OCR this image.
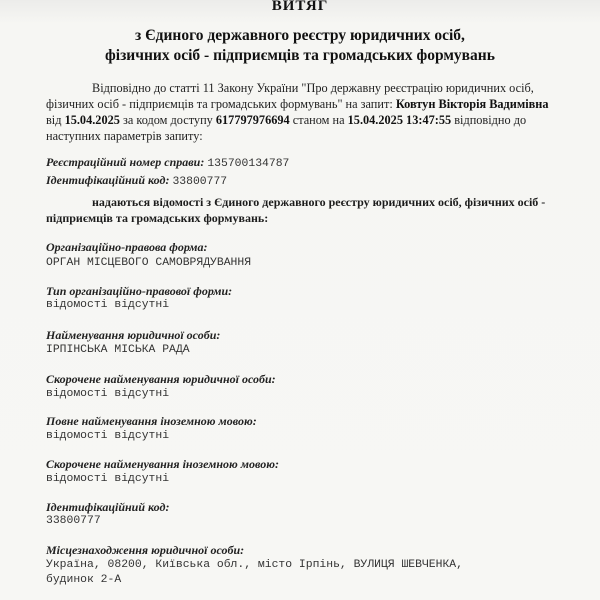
ВИТЯГ
з Єдиного державного реєстру юридичних осіб,
фізичних осіб - підприємців та громадських формувань

Відповідно до статті 11 Закону України "Про державну реєстрацію юридичних осіб,

фізичних осіб - підприємців та громадських формувань" на запит: Ковтун Вікторія Вадимівна

від 15.04.2025 за кодом доступу 617797976694 станом на 15.04.2025 13:47:55 відповідно до

наступних параметрів запиту:

Реєстраційний номер справи: 135700134787
Ідентифікаційний код: 33800777

надаються відомості з Єдиного державного реєстру юридичних осіб, фізичних осіб -

підприємців та громадських формувань:

Організаційно-правова форма:
ОРГАН МІСЦЕВОГО САМОВРЯДУВАННЯ
Тип організаційно-правової форми:
відомості відсутні
Найменування юридичної особи:
ІРПІНСЬКА МІСЬКА РАДА
Скорочене найменування юридичної особи:
відомості відсутні
Повне найменування іноземною мовою:
відомості відсутні
Скорочене найменування іноземною мовою:
відомості відсутні
Ідентифікаційний код:
33800777
Місцезнаходження юридичної особи:
Україна, 08200, Київська обл., місто Ірпінь, ВУЛИЦЯ ШЕВЧЕНКА,
будинок 2-А
